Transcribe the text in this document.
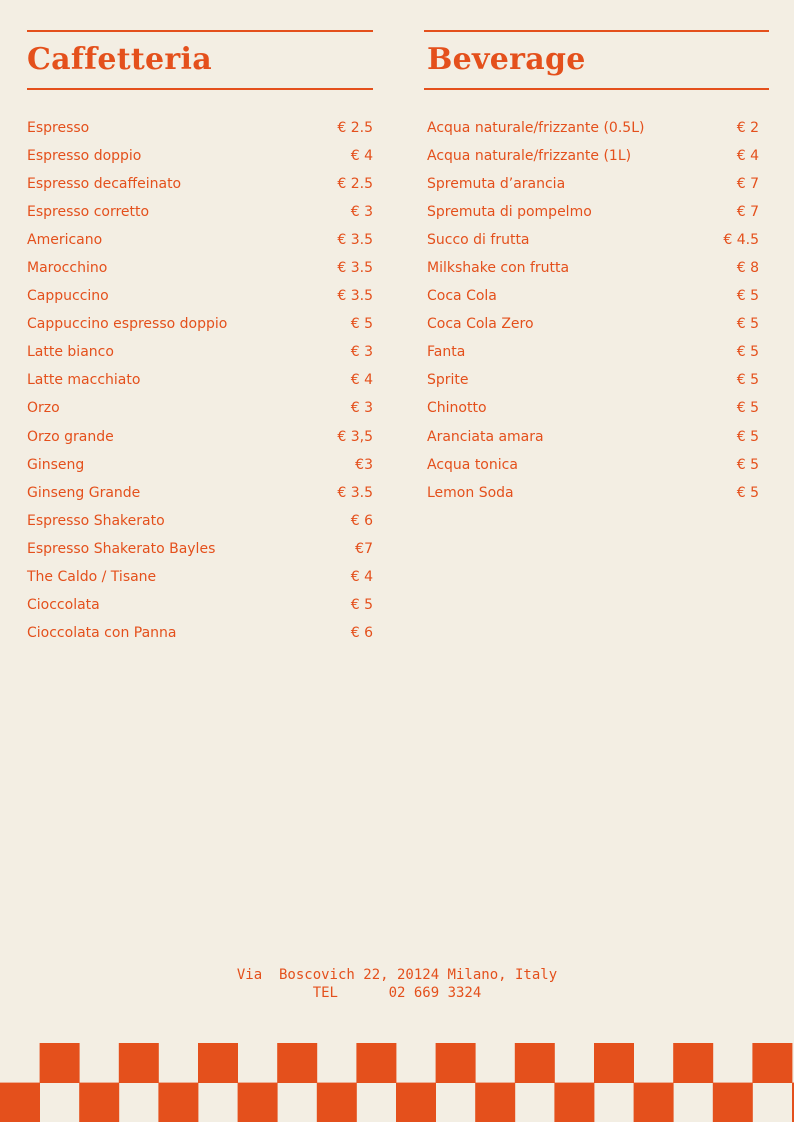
Caffetteria
Espresso	€ 2.5
Espresso doppio	€ 4
Espresso decaffeinato	€ 2.5
Espresso corretto	€ 3
Americano	€ 3.5
Marocchino	€ 3.5
Cappuccino	€ 3.5
Cappuccino espresso doppio	€ 5
Latte bianco	€ 3
Latte macchiato	€ 4
Orzo	€ 3
Orzo grande	€ 3,5
Ginseng	€3
Ginseng Grande	€ 3.5
Espresso Shakerato	€ 6
Espresso Shakerato Bayles	€7
The Caldo / Tisane	€ 4
Cioccolata	€ 5
Cioccolata con Panna	€ 6
Beverage
Acqua naturale/frizzante (0.5L)	€ 2
Acqua naturale/frizzante (1L)	€ 4
Spremuta d’arancia	€ 7
Spremuta di pompelmo	€ 7
Succo di frutta	€ 4.5
Milkshake con frutta	€ 8
Coca Cola	€ 5
Coca Cola Zero	€ 5
Fanta	€ 5
Sprite	€ 5
Chinotto	€ 5
Aranciata amara	€ 5
Acqua tonica	€ 5
Lemon Soda	€ 5
Via  Boscovich 22, 20124 Milano, Italy
TEL	02 669 3324
